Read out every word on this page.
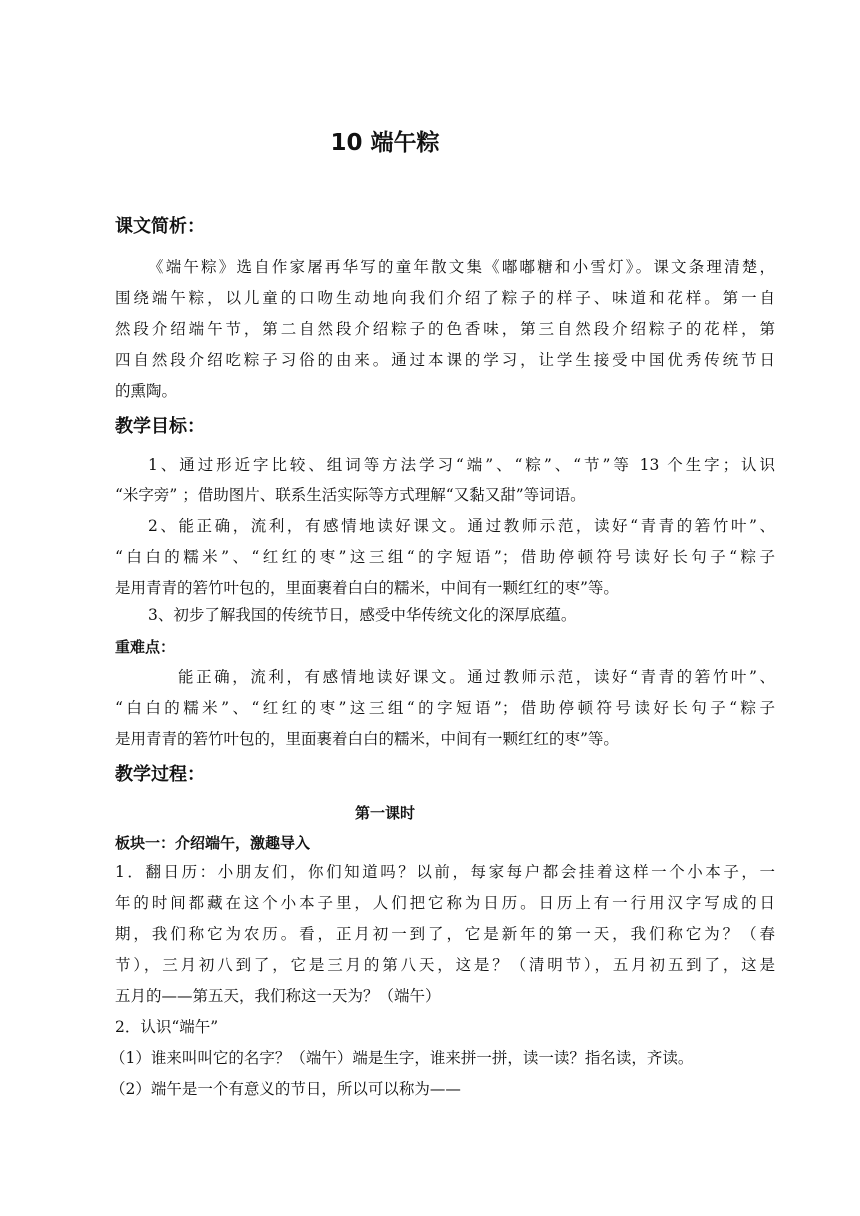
10 端午粽
课文简析：
《端午粽》选自作家屠再华写的童年散文集《嘟嘟糖和小雪灯》。课文条理清楚，
围绕端午粽，以儿童的口吻生动地向我们介绍了粽子的样子、味道和花样。第一自
然段介绍端午节，第二自然段介绍粽子的色香味，第三自然段介绍粽子的花样，第
四自然段介绍吃粽子习俗的由来。通过本课的学习，让学生接受中国优秀传统节日
的熏陶。
教学目标：
1、通过形近字比较、组词等方法学习“端”、“粽”、“节”等 13 个生字；认识
“米字旁” ；借助图片、联系生活实际等方式理解“又黏又甜”等词语。
2、能正确，流利，有感情地读好课文。通过教师示范，读好“青青的箬竹叶”、
“白白的糯米”、“红红的枣”这三组“的字短语”；借助停顿符号读好长句子“粽子
是用青青的箬竹叶包的，里面裹着白白的糯米，中间有一颗红红的枣”等。
3、初步了解我国的传统节日，感受中华传统文化的深厚底蕴。
重难点：
能正确，流利，有感情地读好课文。通过教师示范，读好“青青的箬竹叶”、
“白白的糯米”、“红红的枣”这三组“的字短语”；借助停顿符号读好长句子“粽子
是用青青的箬竹叶包的，里面裹着白白的糯米，中间有一颗红红的枣”等。
教学过程：
第一课时
板块一：介绍端午，激趣导入
1．翻日历：小朋友们，你们知道吗？以前，每家每户都会挂着这样一个小本子，一
年的时间都藏在这个小本子里，人们把它称为日历。日历上有一行用汉字写成的日
期，我们称它为农历。看，正月初一到了，它是新年的第一天，我们称它为？（春
节），三月初八到了，它是三月的第八天，这是？（清明节），五月初五到了，这是
五月的——第五天，我们称这一天为？（端午）
2．认识“端午”
（1）谁来叫叫它的名字？（端午）端是生字，谁来拼一拼，读一读？指名读，齐读。
（2）端午是一个有意义的节日，所以可以称为——
